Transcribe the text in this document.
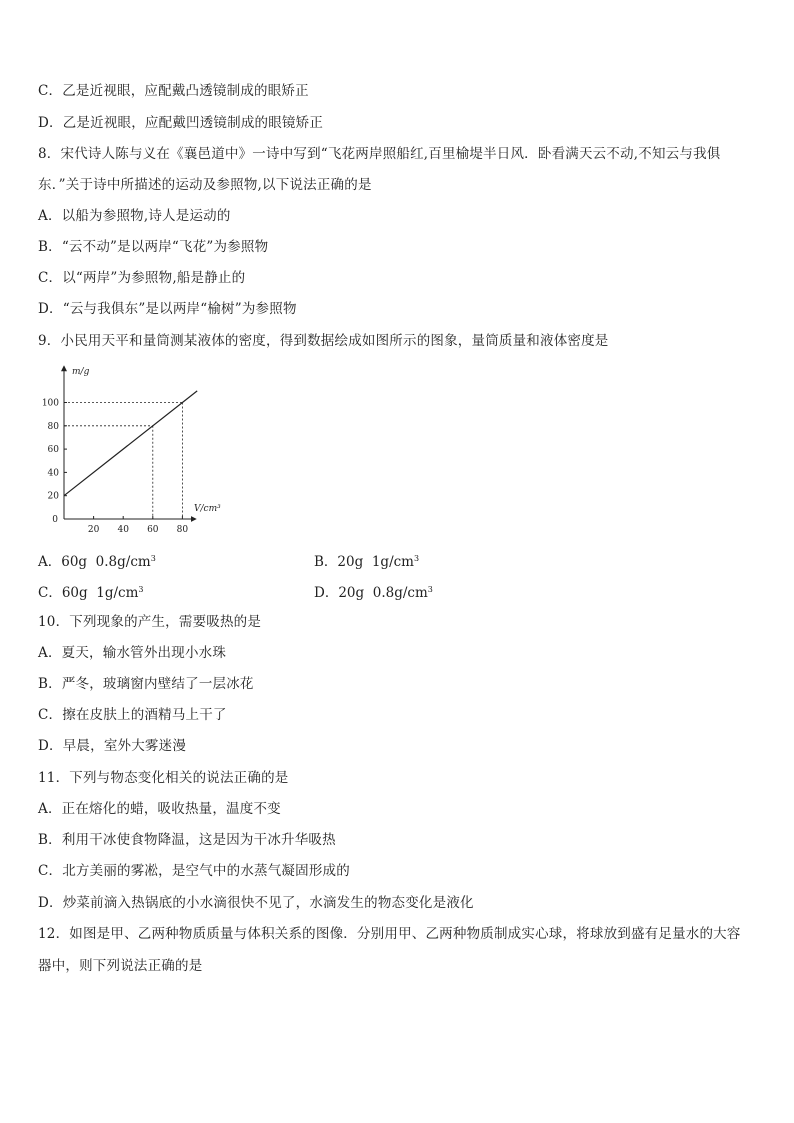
C．乙是近视眼，应配戴凸透镜制成的眼矫正
D．乙是近视眼，应配戴凹透镜制成的眼镜矫正
8．宋代诗人陈与义在《襄邑道中》一诗中写到“飞花两岸照船红,百里榆堤半日风．卧看满天云不动,不知云与我俱
东．”关于诗中所描述的运动及参照物,以下说法正确的是
A．以船为参照物,诗人是运动的
B．“云不动”是以两岸“飞花”为参照物
C．以“两岸”为参照物,船是静止的
D．“云与我俱东”是以两岸“榆树”为参照物
9．小民用天平和量筒测某液体的密度，得到数据绘成如图所示的图象，量筒质量和液体密度是
20 40 60 80
20
40
60
80
100
m/g
V/cm³
0
A．60g $0.8g/cm^3$	B．20g $1g/cm^3$
C．60g $1g/cm^3$	D．20g $0.8g/cm^3$
10．下列现象的产生，需要吸热的是
A．夏天，输水管外出现小水珠
B．严冬，玻璃窗内壁结了一层冰花
C．擦在皮肤上的酒精马上干了
D．早晨，室外大雾迷漫
11．下列与物态变化相关的说法正确的是
A．正在熔化的蜡，吸收热量，温度不变
B．利用干冰使食物降温，这是因为干冰升华吸热
C．北方美丽的雾凇，是空气中的水蒸气凝固形成的
D．炒菜前滴入热锅底的小水滴很快不见了，水滴发生的物态变化是液化
12．如图是甲、乙两种物质质量与体积关系的图像．分别用甲、乙两种物质制成实心球，将球放到盛有足量水的大容
器中，则下列说法正确的是
